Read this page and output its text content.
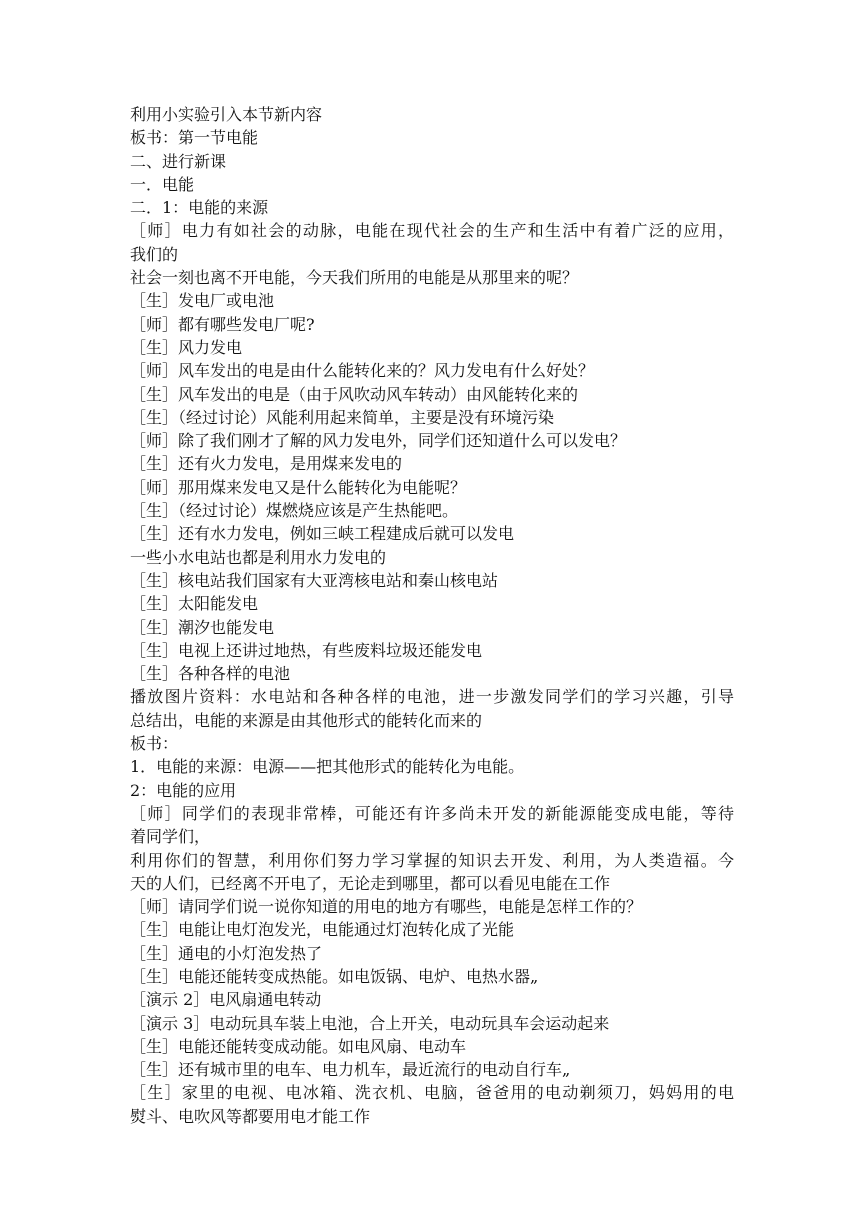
利用小实验引入本节新内容

板书：第一节电能

二、进行新课

一．电能

二．1：电能的来源

［师］电力有如社会的动脉，电能在现代社会的生产和生活中有着广泛的应用，

我们的

社会一刻也离不开电能，今天我们所用的电能是从那里来的呢？

［生］发电厂或电池

［师］都有哪些发电厂呢?

［生］风力发电

［师］风车发出的电是由什么能转化来的？风力发电有什么好处？

［生］风车发出的电是（由于风吹动风车转动）由风能转化来的

［生］（经过讨论）风能利用起来简单，主要是没有环境污染

［师］除了我们刚才了解的风力发电外，同学们还知道什么可以发电？

［生］还有火力发电，是用煤来发电的

［师］那用煤来发电又是什么能转化为电能呢？

［生］（经过讨论）煤燃烧应该是产生热能吧。

［生］还有水力发电，例如三峡工程建成后就可以发电

一些小水电站也都是利用水力发电的

［生］核电站我们国家有大亚湾核电站和秦山核电站

［生］太阳能发电

［生］潮汐也能发电

［生］电视上还讲过地热，有些废料垃圾还能发电

［生］各种各样的电池

播放图片资料：水电站和各种各样的电池，进一步激发同学们的学习兴趣，引导

总结出，电能的来源是由其他形式的能转化而来的

板书：

1．电能的来源：电源——把其他形式的能转化为电能。

2：电能的应用

［师］同学们的表现非常棒，可能还有许多尚未开发的新能源能变成电能，等待

着同学们，

利用你们的智慧，利用你们努力学习掌握的知识去开发、利用，为人类造福。今

天的人们，已经离不开电了，无论走到哪里，都可以看见电能在工作

［师］请同学们说一说你知道的用电的地方有哪些，电能是怎样工作的？

［生］电能让电灯泡发光，电能通过灯泡转化成了光能

［生］通电的小灯泡发热了

［生］电能还能转变成热能。如电饭锅、电炉、电热水器„

［演示 2］电风扇通电转动

［演示 3］电动玩具车装上电池，合上开关，电动玩具车会运动起来

［生］电能还能转变成动能。如电风扇、电动车

［生］还有城市里的电车、电力机车，最近流行的电动自行车„

［生］家里的电视、电冰箱、洗衣机、电脑，爸爸用的电动剃须刀，妈妈用的电

熨斗、电吹风等都要用电才能工作
